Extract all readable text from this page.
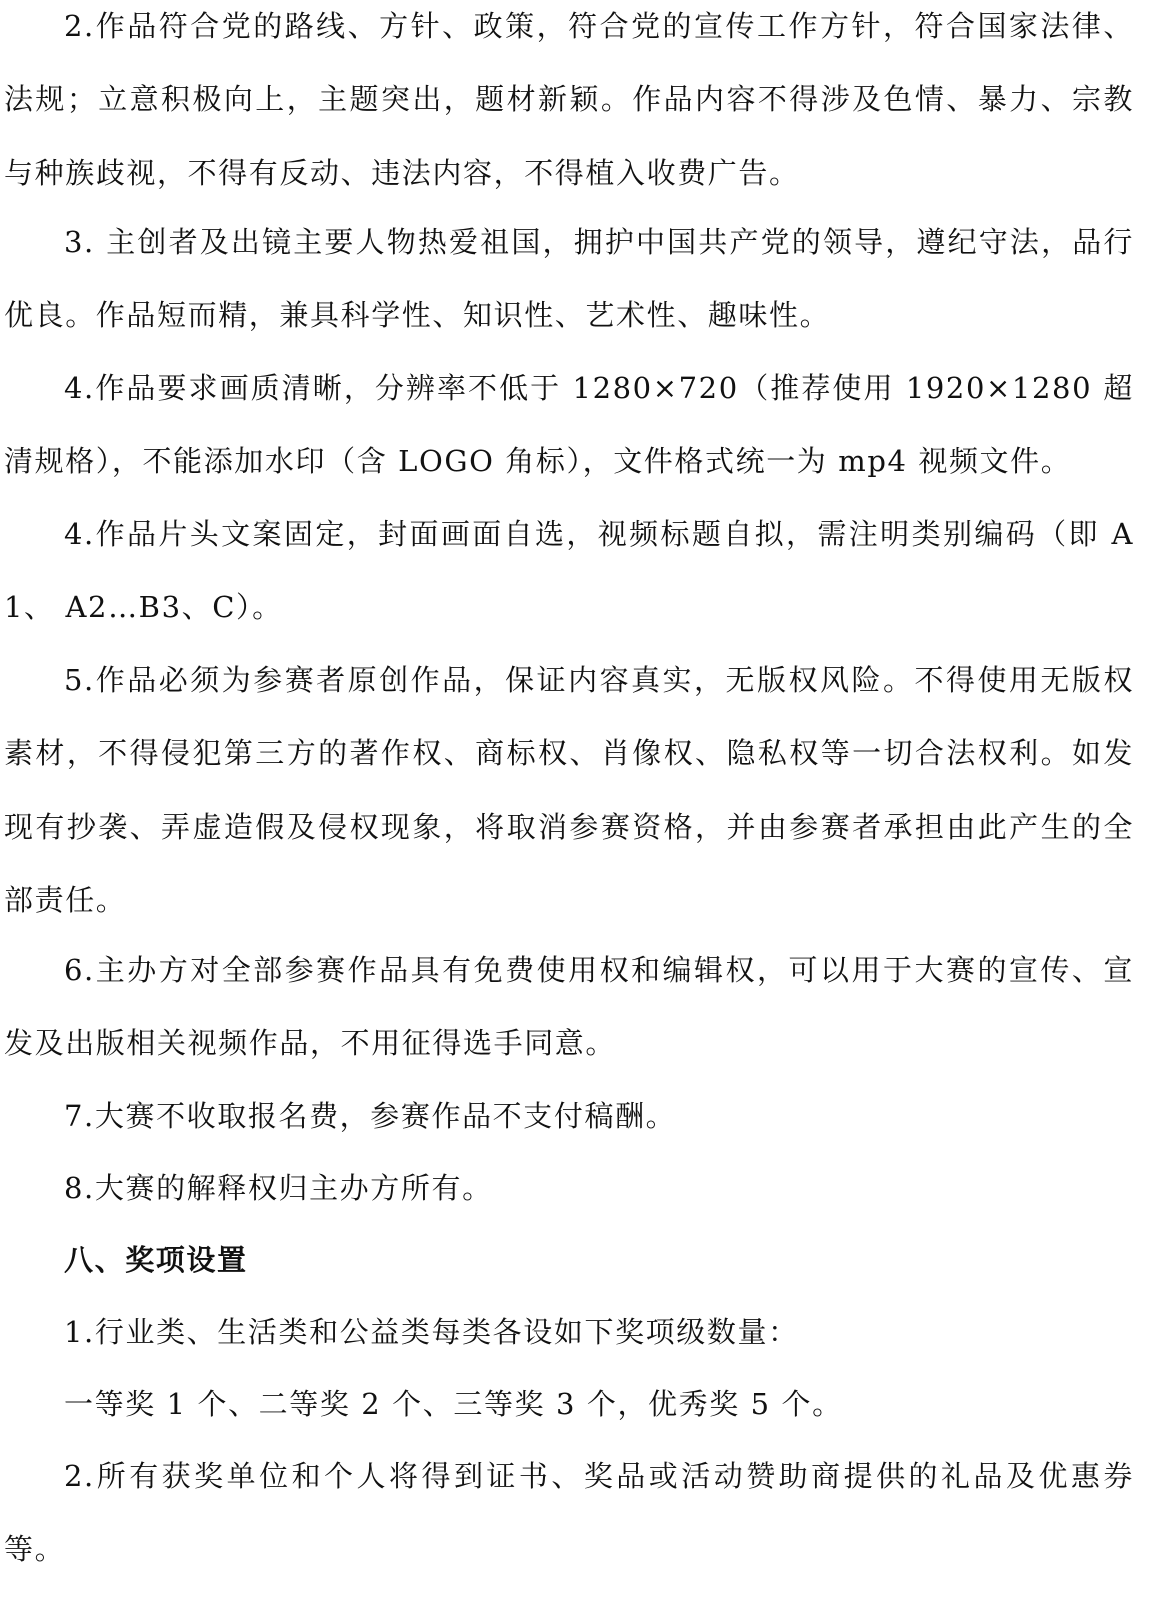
2.作品符合党的路线、方针、政策，符合党的宣传工作方针，符合国家法律、法规；立意积极向上，主题突出，题材新颖。作品内容不得涉及色情、暴力、宗教与种族歧视，不得有反动、违法内容，不得植入收费广告。

3. 主创者及出镜主要人物热爱祖国，拥护中国共产党的领导，遵纪守法，品行优良。作品短而精，兼具科学性、知识性、艺术性、趣味性。

4.作品要求画质清晰，分辨率不低于 1280×720（推荐使用 1920×1280 超清规格），不能添加水印（含 LOGO 角标），文件格式统一为 mp4 视频文件。

4.作品片头文案固定，封面画面自选，视频标题自拟，需注明类别编码（即 A1、 A2…B3、C）。

5.作品必须为参赛者原创作品，保证内容真实，无版权风险。不得使用无版权素材，不得侵犯第三方的著作权、商标权、肖像权、隐私权等一切合法权利。如发现有抄袭、弄虚造假及侵权现象，将取消参赛资格，并由参赛者承担由此产生的全部责任。

6.主办方对全部参赛作品具有免费使用权和编辑权，可以用于大赛的宣传、宣发及出版相关视频作品，不用征得选手同意。

7.大赛不收取报名费，参赛作品不支付稿酬。

8.大赛的解释权归主办方所有。

八、奖项设置

1.行业类、生活类和公益类每类各设如下奖项级数量：

一等奖 1 个、二等奖 2 个、三等奖 3 个，优秀奖 5 个。

2.所有获奖单位和个人将得到证书、奖品或活动赞助商提供的礼品及优惠券等。
